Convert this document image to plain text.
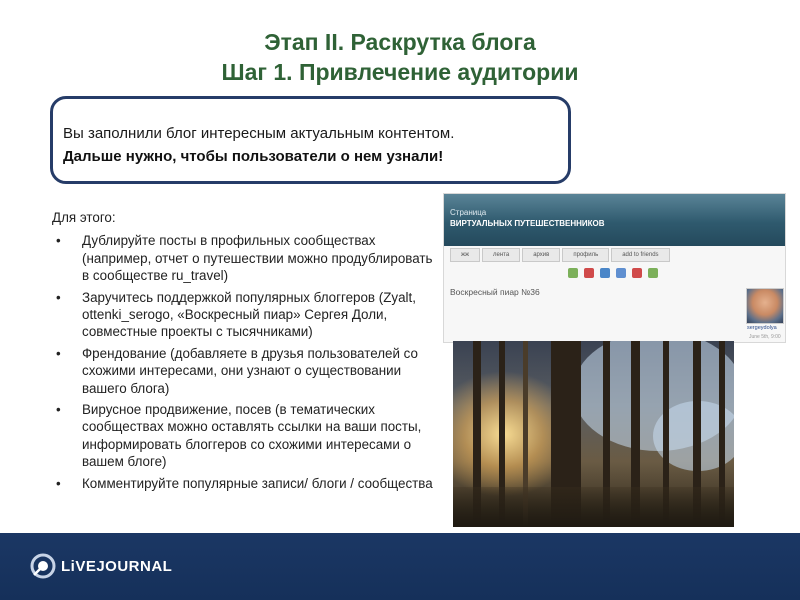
Этап II. Раскрутка блога
Шаг 1. Привлечение аудитории
Вы заполнили блог интересным актуальным контентом.
Дальше нужно, чтобы пользователи о нем узнали!
Для этого:
• Дублируйте посты в профильных сообществах (например, отчет о путешествии можно продублировать в сообществе ru_travel)
• Заручитесь поддержкой популярных блоггеров (Zyalt, ottenki_serogo, «Воскресный пиар» Сергея Доли, совместные проекты с тысячниками)
• Френдование (добавляете в друзья пользователей со схожими интересами, они узнают о существовании вашего блога)
• Вирусное продвижение, посев (в тематических сообществах можно оставлять ссылки на ваши посты, информировать блоггеров со схожими интересами о вашем блоге)
• Комментируйте популярные записи/ блоги / сообщества
Страница
ВИРТУАЛЬНЫХ ПУТЕШЕСТВЕННИКОВ
жж	лента	архив	профиль	add to friends
Воскресный пиар №36
sergeydolya
June 5th, 9:00
LiVEJOURNAL
